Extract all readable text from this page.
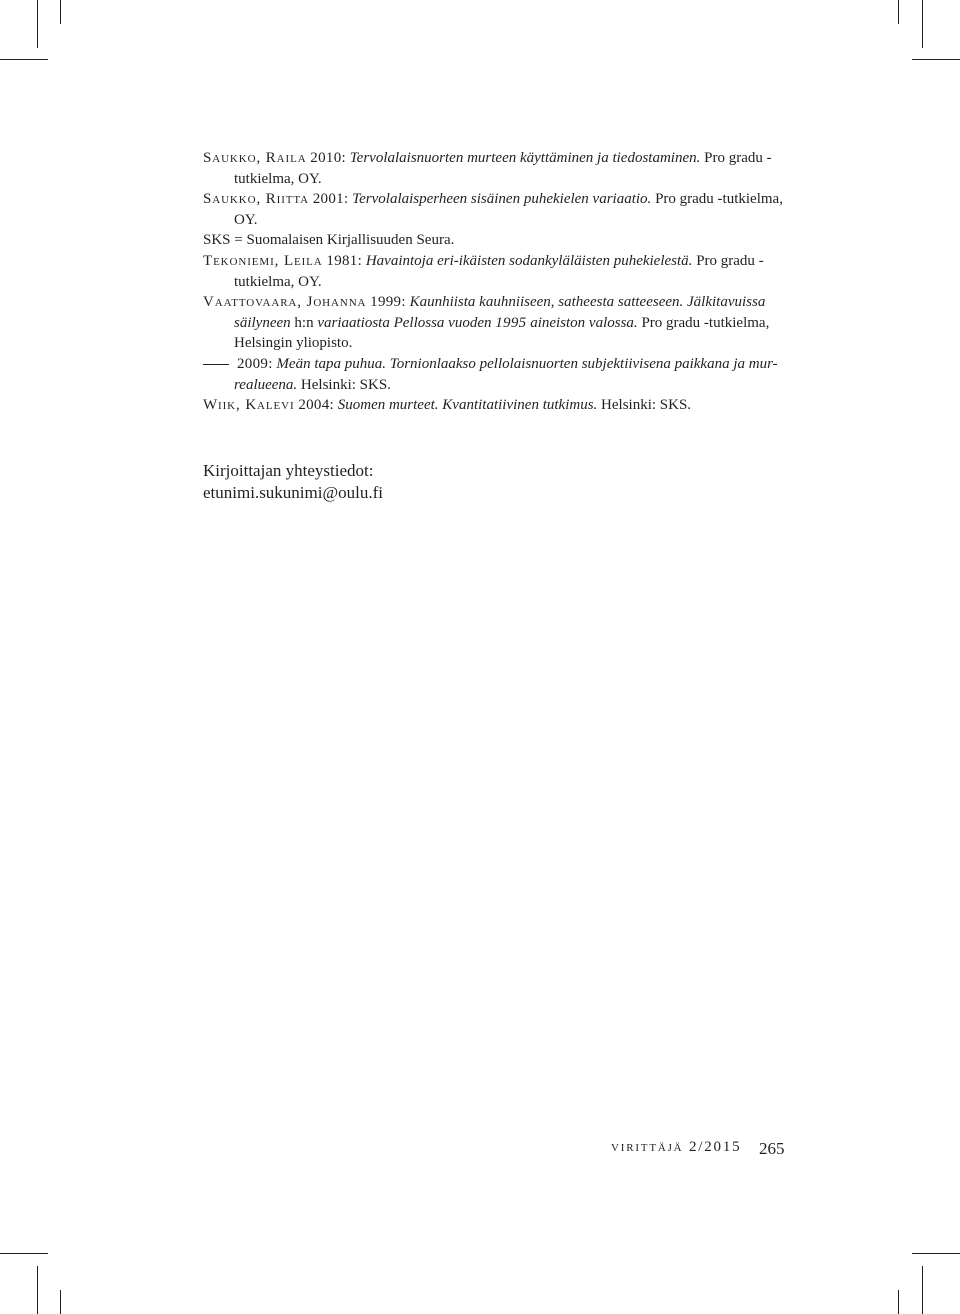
Saukko, Raila 2010: Tervolalaisnuorten murteen käyttäminen ja tiedostaminen. Pro gradu -tutkielma, OY.

Saukko, Riitta 2001: Tervolalaisperheen sisäinen puhekielen variaatio. Pro gradu -tutkielma, OY.

SKS = Suomalaisen Kirjallisuuden Seura.

Tekoniemi, Leila 1981: Havaintoja eri-ikäisten sodankyläläisten puhekielestä. Pro gradu -tutkielma, OY.

Vaattovaara, Johanna 1999: Kaunhiista kauhniiseen, satheesta satteeseen. Jälkitavuissa säilyneen h:n variaatiosta Pellossa vuoden 1995 aineiston valossa. Pro gradu -tutkielma, Helsingin yliopisto.

2009: Meän tapa puhua. Tornionlaakso pellolaisnuorten subjektiivisena paikkana ja mur- realueena. Helsinki: SKS.

Wiik, Kalevi 2004: Suomen murteet. Kvantitatiivinen tutkimus. Helsinki: SKS.

Kirjoittajan yhteystiedot:
etunimi.sukunimi@oulu.fi
virittäjä 2/2015 265
